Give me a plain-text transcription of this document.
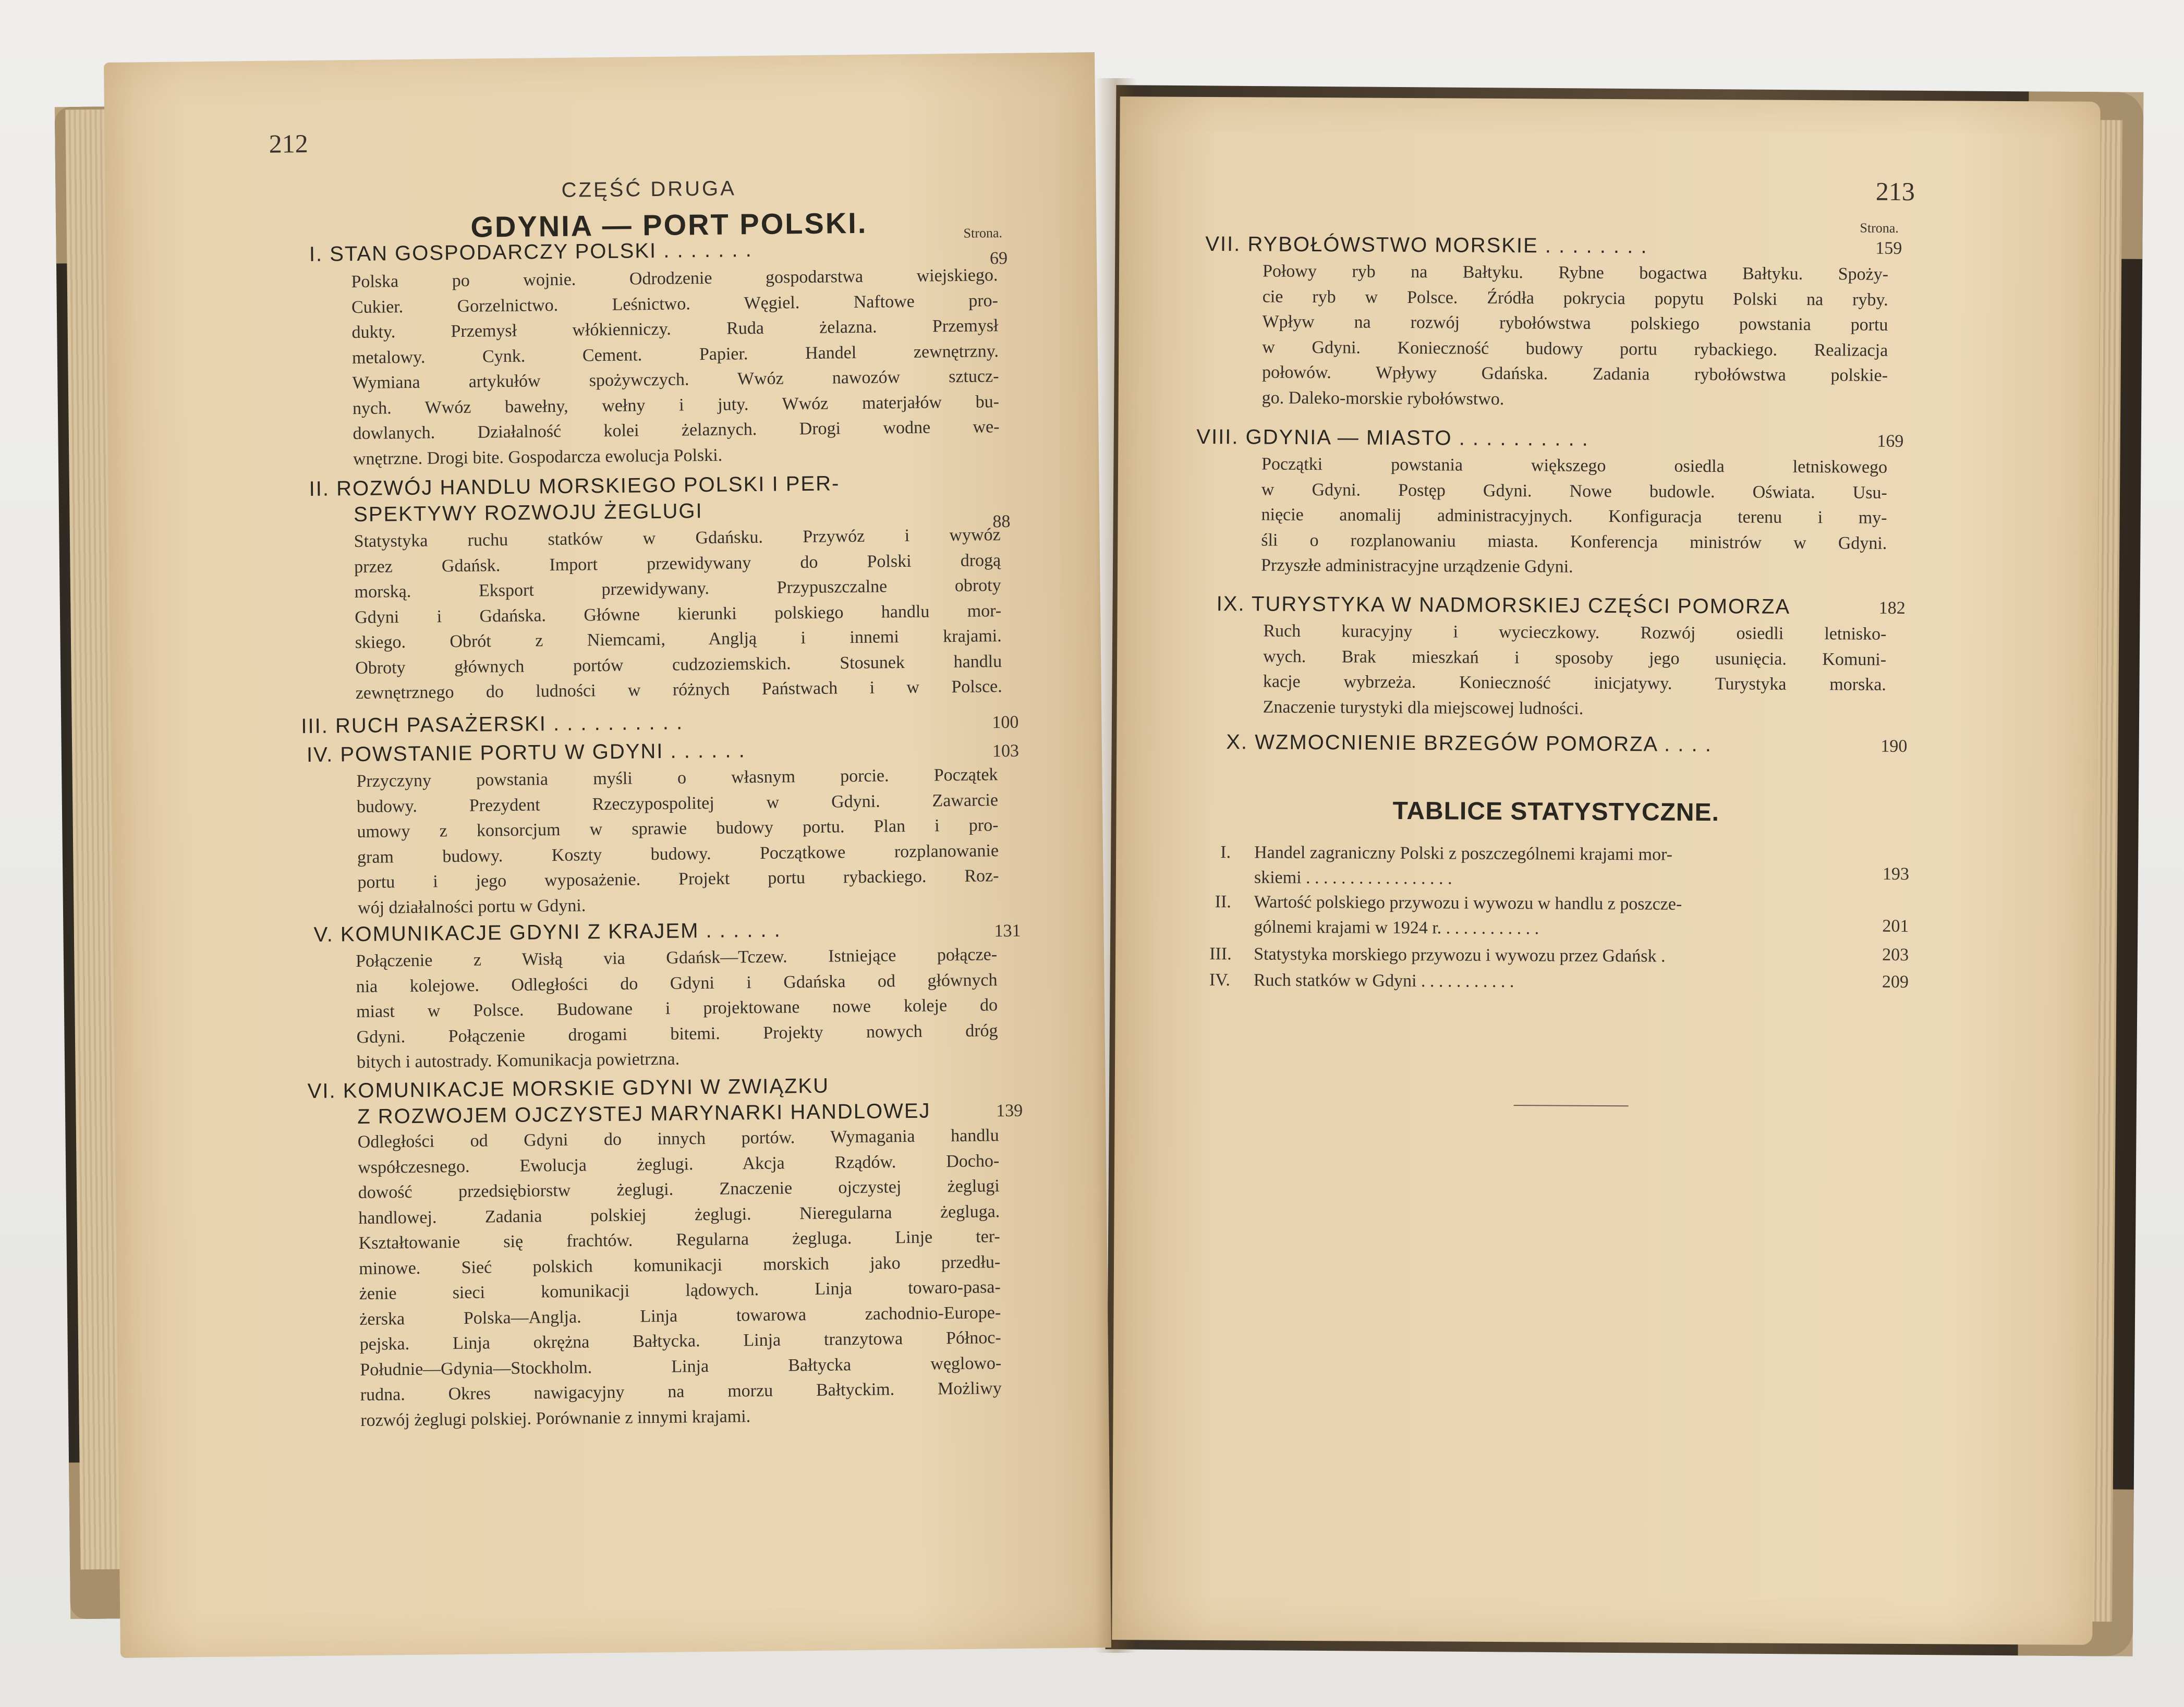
212
CZĘŚĆ DRUGA
GDYNIA — PORT POLSKI.	Strona.
I. STAN GOSPODARCZY POLSKI . . . . . . .	69
Polska po wojnie. Odrodzenie gospodarstwa wiejskiego.
Cukier. Gorzelnictwo. Leśnictwo. Węgiel. Naftowe pro-
dukty. Przemysł włókienniczy. Ruda żelazna. Przemysł
metalowy. Cynk. Cement. Papier. Handel zewnętrzny.
Wymiana artykułów spożywczych. Wwóz nawozów sztucz-
nych. Wwóz bawełny, wełny i juty. Wwóz materjałów bu-
dowlanych. Działalność kolei żelaznych. Drogi wodne we-
wnętrzne. Drogi bite. Gospodarcza ewolucja Polski.
II. ROZWÓJ HANDLU MORSKIEGO POLSKI I PER-
SPEKTYWY ROZWOJU ŻEGLUGI	88
Statystyka ruchu statków w Gdańsku. Przywóz i wywóz
przez Gdańsk. Import przewidywany do Polski drogą
morską. Eksport przewidywany. Przypuszczalne obroty
Gdyni i Gdańska. Główne kierunki polskiego handlu mor-
skiego. Obrót z Niemcami, Anglją i innemi krajami.
Obroty głównych portów cudzoziemskich. Stosunek handlu
zewnętrznego do ludności w różnych Państwach i w Polsce.
III. RUCH PASAŻERSKI . . . . . . . . . .	100
IV. POWSTANIE PORTU W GDYNI . . . . . .	103
Przyczyny powstania myśli o własnym porcie. Początek
budowy. Prezydent Rzeczypospolitej w Gdyni. Zawarcie
umowy z konsorcjum w sprawie budowy portu. Plan i pro-
gram budowy. Koszty budowy. Początkowe rozplanowanie
portu i jego wyposażenie. Projekt portu rybackiego. Roz-
wój działalności portu w Gdyni.
V. KOMUNIKACJE GDYNI Z KRAJEM . . . . . .	131
Połączenie z Wisłą via Gdańsk—Tczew. Istniejące połącze-
nia kolejowe. Odległości do Gdyni i Gdańska od głównych
miast w Polsce. Budowane i projektowane nowe koleje do
Gdyni. Połączenie drogami bitemi. Projekty nowych dróg
bitych i autostrady. Komunikacja powietrzna.
VI. KOMUNIKACJE MORSKIE GDYNI W ZWIĄZKU
Z ROZWOJEM OJCZYSTEJ MARYNARKI HANDLOWEJ	139
Odległości od Gdyni do innych portów. Wymagania handlu
współczesnego. Ewolucja żeglugi. Akcja Rządów. Docho-
dowość przedsiębiorstw żeglugi. Znaczenie ojczystej żeglugi
handlowej. Zadania polskiej żeglugi. Nieregularna żegluga.
Kształtowanie się frachtów. Regularna żegluga. Linje ter-
minowe. Sieć polskich komunikacji morskich jako przedłu-
żenie sieci komunikacji lądowych. Linja towaro-pasa-
żerska Polska—Anglja. Linja towarowa zachodnio-Europe-
pejska. Linja okrężna Bałtycka. Linja tranzytowa Północ-
Południe—Gdynia—Stockholm. Linja Bałtycka węglowo-
rudna. Okres nawigacyjny na morzu Bałtyckim. Możliwy
rozwój żeglugi polskiej. Porównanie z innymi krajami.
213
Strona.
VII. RYBOŁÓWSTWO MORSKIE . . . . . . . .	159
Połowy ryb na Bałtyku. Rybne bogactwa Bałtyku. Spoży-
cie ryb w Polsce. Źródła pokrycia popytu Polski na ryby.
Wpływ na rozwój rybołówstwa polskiego powstania portu
w Gdyni. Konieczność budowy portu rybackiego. Realizacja
połowów. Wpływy Gdańska. Zadania rybołówstwa polskie-
go. Daleko-morskie rybołówstwo.
VIII. GDYNIA — MIASTO . . . . . . . . . .	169
Początki powstania większego osiedla letniskowego
w Gdyni. Postęp Gdyni. Nowe budowle. Oświata. Usu-
nięcie anomalij administracyjnych. Konfiguracja terenu i my-
śli o rozplanowaniu miasta. Konferencja ministrów w Gdyni.
Przyszłe administracyjne urządzenie Gdyni.
IX. TURYSTYKA W NADMORSKIEJ CZĘŚCI POMORZA	182
Ruch kuracyjny i wycieczkowy. Rozwój osiedli letnisko-
wych. Brak mieszkań i sposoby jego usunięcia. Komuni-
kacje wybrzeża. Konieczność inicjatywy. Turystyka morska.
Znaczenie turystyki dla miejscowej ludności.
X. WZMOCNIENIE BRZEGÓW POMORZA . . . .	190
TABLICE STATYSTYCZNE.
I. Handel zagraniczny Polski z poszczególnemi krajami mor-
skiemi . . . . . . . . . . . . . . . . .	193
II. Wartość polskiego przywozu i wywozu w handlu z poszcze-
gólnemi krajami w 1924 r. . . . . . . . . . . .	201
III. Statystyka morskiego przywozu i wywozu przez Gdańsk .	203
IV. Ruch statków w Gdyni . . . . . . . . . . .	209
